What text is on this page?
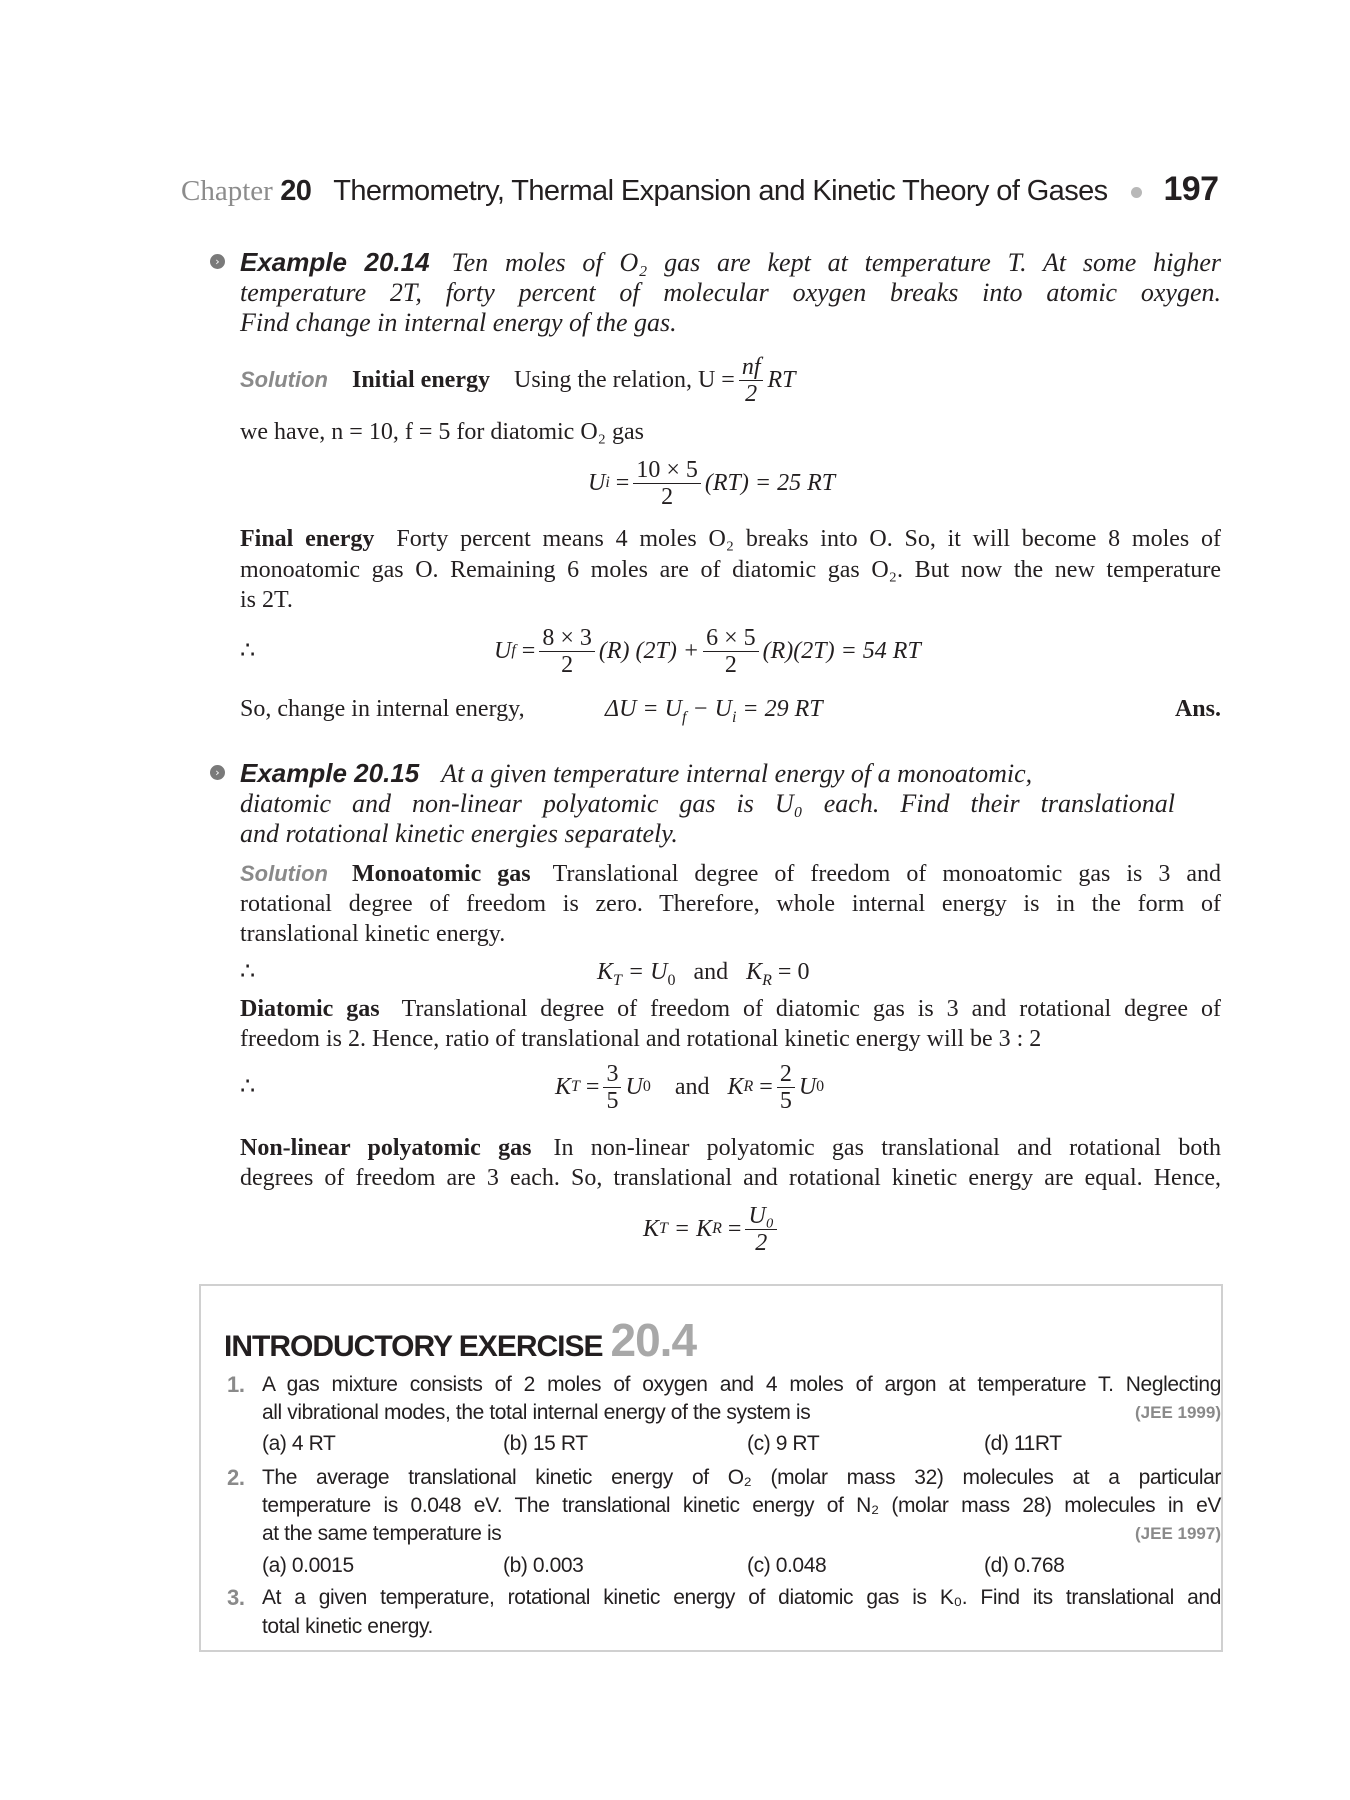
Chapter 20 Thermometry, Thermal Expansion and Kinetic Theory of Gases 197
› Example 20.14 Ten moles of O₂ gas are kept at temperature T. At some higher
temperature 2T, forty percent of molecular oxygen breaks into atomic oxygen.
Find change in internal energy of the gas.
Solution Initial energy Using the relation, $U = \frac{nf}{2}$ RT
we have, n = 10, f = 5 for diatomic O₂ gas
U i
= $\frac{10 \times 5}{2} (RT) = 25$ RT
Final energy Forty percent means 4 moles O₂ breaks into O. So, it will become 8 moles of
monoatomic gas O. Remaining 6 moles are of diatomic gas O₂. But now the new temperature
is 2T.
∴	U f
= $\frac{8 \times 3}{2} (R) (2T) + \frac{6 \times 5}{2} (R)(2T) = 54$ RT
So, change in internal energy,	$\Delta U = U_f - U_i = 29$ RT	Ans.
› Example 20.15 At a given temperature internal energy of a monoatomic,
diatomic and non-linear polyatomic gas is U₀ each. Find their translational
and rotational kinetic energies separately.
Solution Monoatomic gas Translational degree of freedom of monoatomic gas is 3 and
rotational degree of freedom is zero. Therefore, whole internal energy is in the form of
translational kinetic energy.
∴	$K_T = U_0$ and $K_R = 0$
Diatomic gas Translational degree of freedom of diatomic gas is 3 and rotational degree of
freedom is 2. Hence, ratio of translational and rotational kinetic energy will be 3 : 2
∴	K T
= $\frac{3}{5}$ U 0
and
K R
= $\frac{2}{5}$ U 0
Non-linear polyatomic gas In non-linear polyatomic gas translational and rotational both
degrees of freedom are 3 each. So, translational and rotational kinetic energy are equal. Hence,
K T
= K R
= $\frac{\text{U₀}}{2}$
INTRODUCTORY EXERCISE 20.4
1. A gas mixture consists of 2 moles of oxygen and 4 moles of argon at temperature T. Neglecting
all vibrational modes, the total internal energy of the system is	(JEE 1999)
(a) 4 RT	(b) 15 RT	(c) 9 RT	(d) 11RT
2. The average translational kinetic energy of O₂ (molar mass 32) molecules at a particular
temperature is 0.048 eV. The translational kinetic energy of N₂ (molar mass 28) molecules in eV
at the same temperature is	(JEE 1997)
(a) 0.0015	(b) 0.003	(c) 0.048	(d) 0.768
3. At a given temperature, rotational kinetic energy of diatomic gas is K₀. Find its translational and
total kinetic energy.
